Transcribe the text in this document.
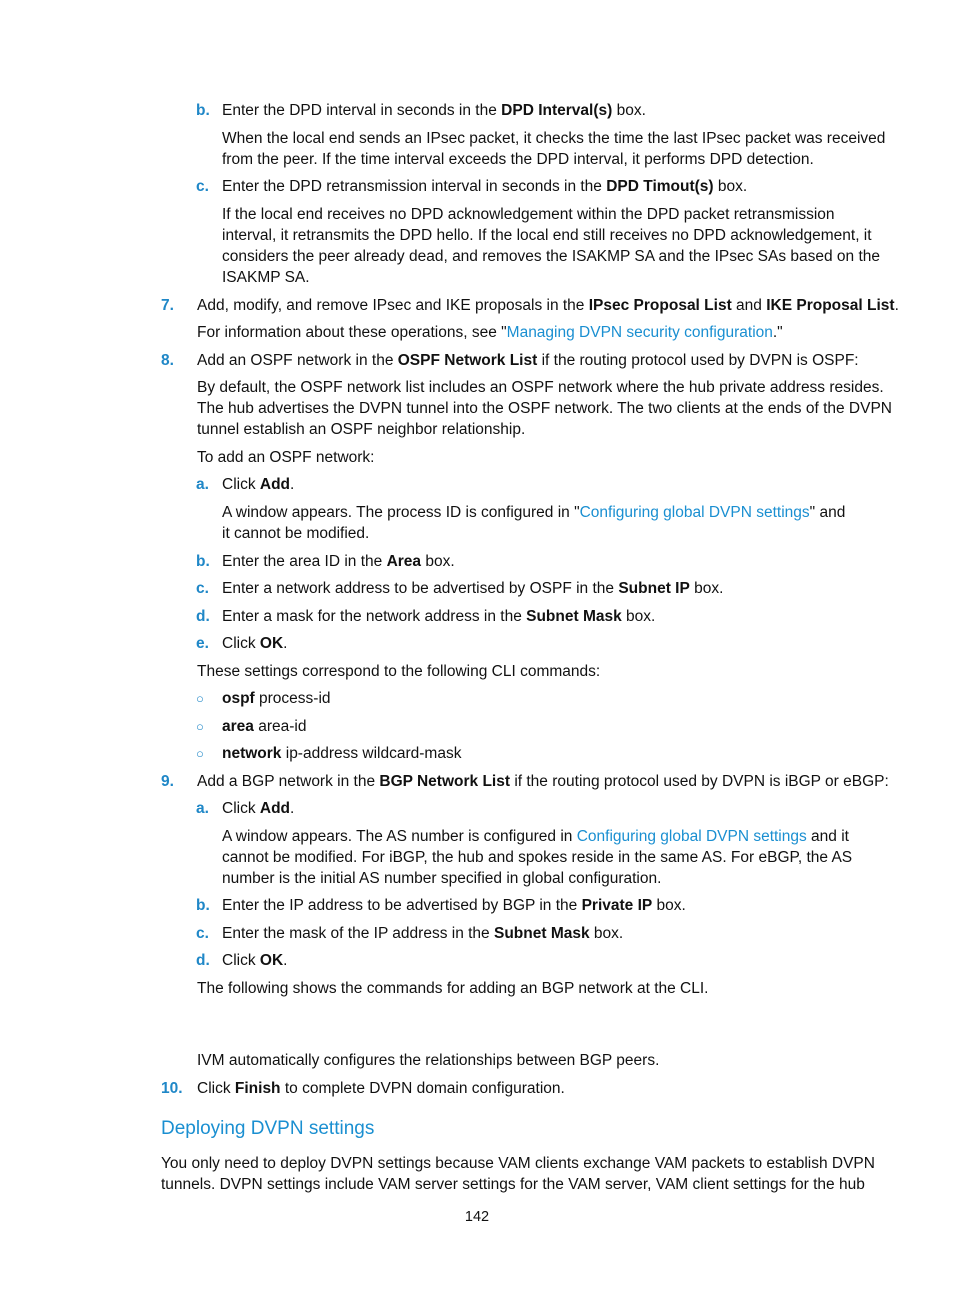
b. Enter the DPD interval in seconds in the DPD Interval(s) box.
When the local end sends an IPsec packet, it checks the time the last IPsec packet was received
from the peer. If the time interval exceeds the DPD interval, it performs DPD detection.
c. Enter the DPD retransmission interval in seconds in the DPD Timout(s) box.
If the local end receives no DPD acknowledgement within the DPD packet retransmission
interval, it retransmits the DPD hello. If the local end still receives no DPD acknowledgement, it
considers the peer already dead, and removes the ISAKMP SA and the IPsec SAs based on the
ISAKMP SA.
7. Add, modify, and remove IPsec and IKE proposals in the IPsec Proposal List and IKE Proposal List.
For information about these operations, see "Managing DVPN security configuration."
8. Add an OSPF network in the OSPF Network List if the routing protocol used by DVPN is OSPF:
By default, the OSPF network list includes an OSPF network where the hub private address resides.
The hub advertises the DVPN tunnel into the OSPF network. The two clients at the ends of the DVPN
tunnel establish an OSPF neighbor relationship.
To add an OSPF network:
a. Click Add.
A window appears. The process ID is configured in "Configuring global DVPN settings" and
it cannot be modified.
b. Enter the area ID in the Area box.
c. Enter a network address to be advertised by OSPF in the Subnet IP box.
d. Enter a mask for the network address in the Subnet Mask box.
e. Click OK.
These settings correspond to the following CLI commands:
○ ospf process-id
○ area area-id
○ network ip-address wildcard-mask
9. Add a BGP network in the BGP Network List if the routing protocol used by DVPN is iBGP or eBGP:
a. Click Add.
A window appears. The AS number is configured in Configuring global DVPN settings and it
cannot be modified. For iBGP, the hub and spokes reside in the same AS. For eBGP, the AS
number is the initial AS number specified in global configuration.
b. Enter the IP address to be advertised by BGP in the Private IP box.
c. Enter the mask of the IP address in the Subnet Mask box.
d. Click OK.
The following shows the commands for adding an BGP network at the CLI.
IVM automatically configures the relationships between BGP peers.
10. Click Finish to complete DVPN domain configuration.
Deploying DVPN settings
You only need to deploy DVPN settings because VAM clients exchange VAM packets to establish DVPN
tunnels. DVPN settings include VAM server settings for the VAM server, VAM client settings for the hub
142
